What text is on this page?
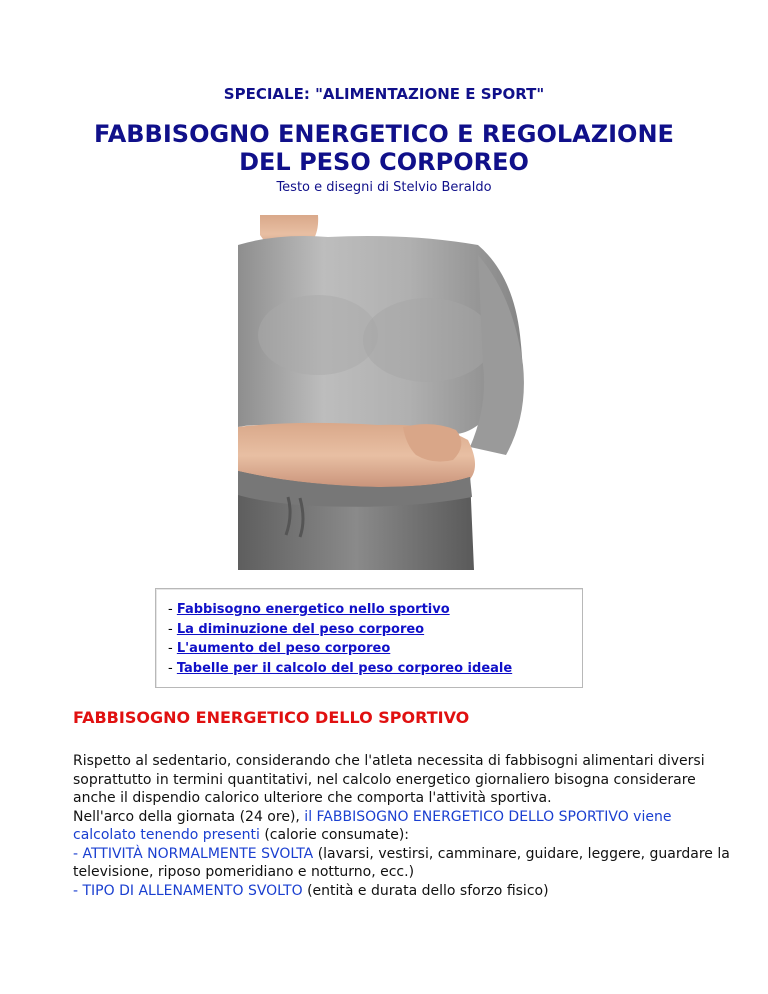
SPECIALE: "ALIMENTAZIONE E SPORT"
FABBISOGNO ENERGETICO E REGOLAZIONE
DEL PESO CORPOREO
Testo e disegni di Stelvio Beraldo
- Fabbisogno energetico nello sportivo
- La diminuzione del peso corporeo
- L'aumento del peso corporeo
- Tabelle per il calcolo del peso corporeo ideale
FABBISOGNO ENERGETICO DELLO SPORTIVO

Rispetto al sedentario, considerando che l'atleta necessita di fabbisogni alimentari diversi soprattutto in termini quantitativi, nel calcolo energetico giornaliero bisogna considerare anche il dispendio calorico ulteriore che comporta l'attività sportiva.

Nell'arco della giornata (24 ore), il FABBISOGNO ENERGETICO DELLO SPORTIVO viene calcolato tenendo presenti (calorie consumate):

- ATTIVITÀ NORMALMENTE SVOLTA (lavarsi, vestirsi, camminare, guidare, leggere, guardare la televisione, riposo pomeridiano e notturno, ecc.)

- TIPO DI ALLENAMENTO SVOLTO (entità e durata dello sforzo fisico)
